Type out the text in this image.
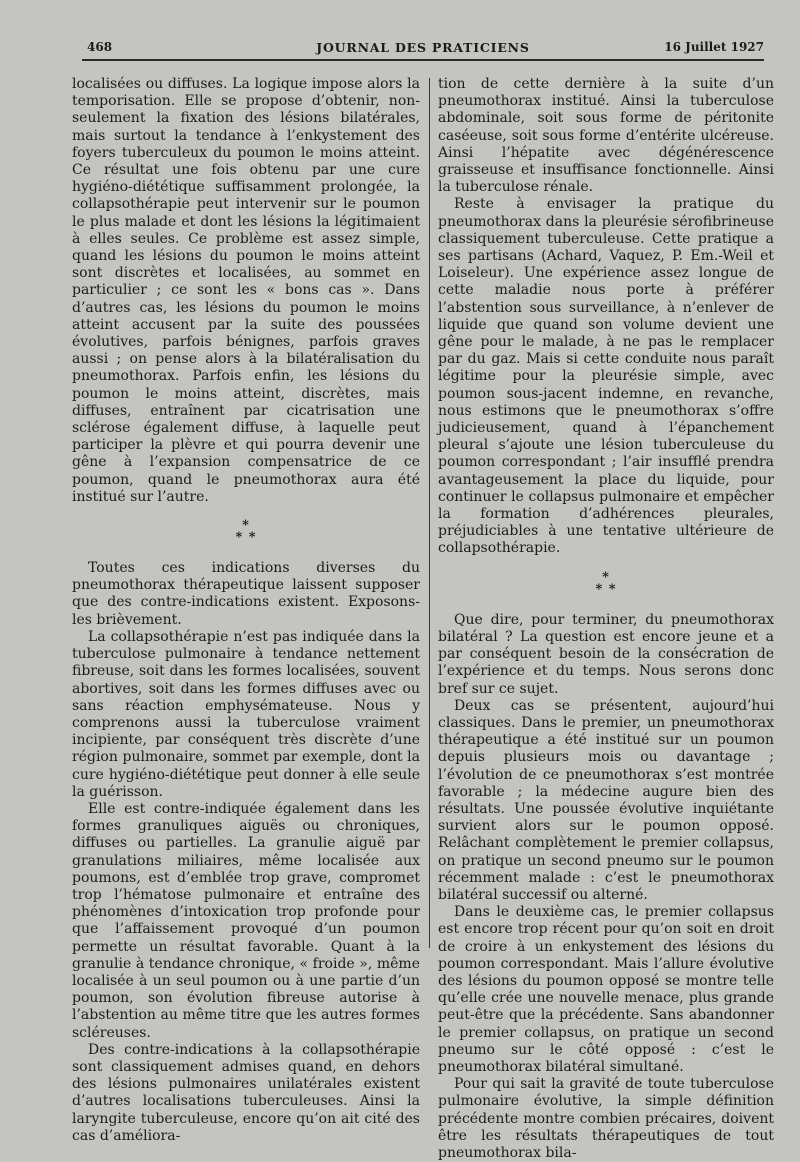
468	JOURNAL DES PRATICIENS	16 Juillet 1927

localisées ou diffuses. La logique impose alors la temporisation. Elle se propose d’obtenir, non-seulement la fixation des lésions bilatérales, mais surtout la tendance à l’enkystement des foyers tuberculeux du poumon le moins atteint. Ce résultat une fois obtenu par une cure hygiéno-diététique suffisamment prolongée, la collapsothérapie peut intervenir sur le poumon le plus malade et dont les lésions la légitimaient à elles seules. Ce problème est assez simple, quand les lésions du poumon le moins atteint sont discrètes et localisées, au sommet en particulier ; ce sont les « bons cas ». Dans d’autres cas, les lésions du poumon le moins atteint accusent par la suite des poussées évolutives, parfois bénignes, parfois graves aussi ; on pense alors à la bilatéralisation du pneumothorax. Parfois enfin, les lésions du poumon le moins atteint, discrètes, mais diffuses, entraînent par cicatrisation une sclérose également diffuse, à laquelle peut participer la plèvre et qui pourra devenir une gêne à l’expansion compensatrice de ce poumon, quand le pneumothorax aura été institué sur l’autre.

*
* *

Toutes ces indications diverses du pneumothorax thérapeutique laissent supposer que des contre-indications existent. Exposons-les brièvement.

La collapsothérapie n’est pas indiquée dans la tuberculose pulmonaire à tendance nettement fibreuse, soit dans les formes localisées, souvent abortives, soit dans les formes diffuses avec ou sans réaction emphysémateuse. Nous y comprenons aussi la tuberculose vraiment incipiente, par conséquent très discrète d’une région pulmonaire, sommet par exemple, dont la cure hygiéno-diététique peut donner à elle seule la guérisson.

Elle est contre-indiquée également dans les formes granuliques aiguës ou chroniques, diffuses ou partielles. La granulie aiguë par granulations miliaires, même localisée aux poumons, est d’emblée trop grave, compromet trop l’hématose pulmonaire et entraîne des phénomènes d’intoxication trop profonde pour que l’affaissement provoqué d’un poumon permette un résultat favorable. Quant à la granulie à tendance chronique, « froide », même localisée à un seul poumon ou à une partie d’un poumon, son évolution fibreuse autorise à l’abstention au même titre que les autres formes scléreuses.

Des contre-indications à la collapsothérapie sont classiquement admises quand, en dehors des lésions pulmonaires unilatérales existent d’autres localisations tuberculeuses. Ainsi la laryngite tuberculeuse, encore qu’on ait cité des cas d’améliora-

tion de cette dernière à la suite d’un pneumothorax institué. Ainsi la tuberculose abdominale, soit sous forme de péritonite caséeuse, soit sous forme d’entérite ulcéreuse. Ainsi l’hépatite avec dégénérescence graisseuse et insuffisance fonctionnelle. Ainsi la tuberculose rénale.

Reste à envisager la pratique du pneumothorax dans la pleurésie sérofibrineuse classiquement tuberculeuse. Cette pratique a ses partisans (Achard, Vaquez, P. Em.-Weil et Loiseleur). Une expérience assez longue de cette maladie nous porte à préférer l’abstention sous surveillance, à n’enlever de liquide que quand son volume devient une gêne pour le malade, à ne pas le remplacer par du gaz. Mais si cette conduite nous paraît légitime pour la pleurésie simple, avec poumon sous-jacent indemne, en revanche, nous estimons que le pneumothorax s’offre judicieusement, quand à l’épanchement pleural s’ajoute une lésion tuberculeuse du poumon correspondant ; l’air insufflé prendra avantageusement la place du liquide, pour continuer le collapsus pulmonaire et empêcher la formation d’adhérences pleurales, préjudiciables à une tentative ultérieure de collapsothérapie.

*
* *

Que dire, pour terminer, du pneumothorax bilatéral ? La question est encore jeune et a par conséquent besoin de la consécration de l’expérience et du temps. Nous serons donc bref sur ce sujet.

Deux cas se présentent, aujourd’hui classiques. Dans le premier, un pneumothorax thérapeutique a été institué sur un poumon depuis plusieurs mois ou davantage ; l’évolution de ce pneumothorax s’est montrée favorable ; la médecine augure bien des résultats. Une poussée évolutive inquiétante survient alors sur le poumon opposé. Relâchant complètement le premier collapsus, on pratique un second pneumo sur le poumon récemment malade : c’est le pneumothorax bilatéral successif ou alterné.

Dans le deuxième cas, le premier collapsus est encore trop récent pour qu’on soit en droit de croire à un enkystement des lésions du poumon correspondant. Mais l’allure évolutive des lésions du poumon opposé se montre telle qu’elle crée une nouvelle menace, plus grande peut-être que la précédente. Sans abandonner le premier collapsus, on pratique un second pneumo sur le côté opposé : c’est le pneumothorax bilatéral simultané.

Pour qui sait la gravité de toute tuberculose pulmonaire évolutive, la simple définition précédente montre combien précaires, doivent être les résultats thérapeutiques de tout pneumothorax bila-
